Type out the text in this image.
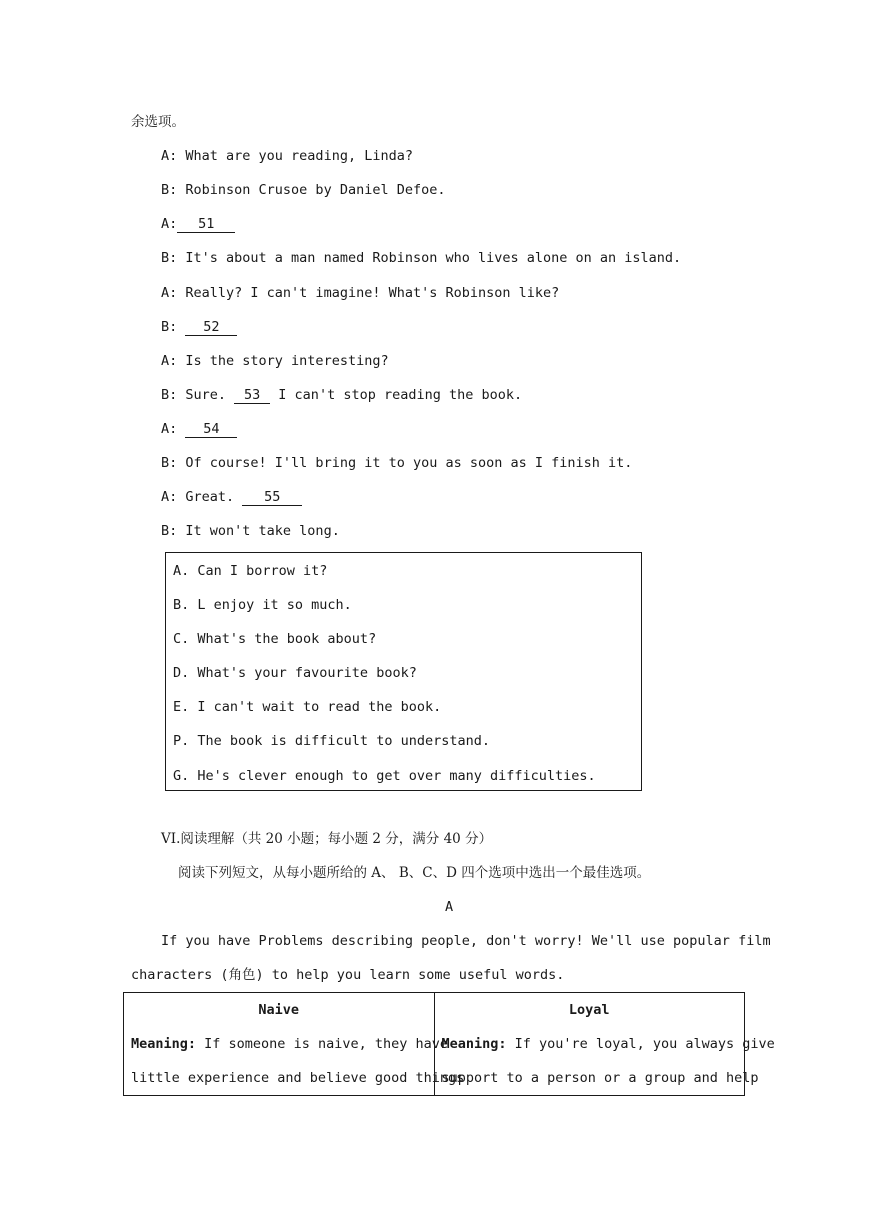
余选项。
A: What are you reading, Linda?
B: Robinson Crusoe by Daniel Defoe.
A: 51
B: It's about a man named Robinson who lives alone on an island.
A: Really? I can't imagine! What's Robinson like?
B: 52
A: Is the story interesting?
B: Sure. 53 I can't stop reading the book.
A: 54
B: Of course! I'll bring it to you as soon as I finish it.
A: Great. 55
B: It won't take long.
A. Can I borrow it?
B. L enjoy it so much.
C. What's the book about?
D. What's your favourite book?
E. I can't wait to read the book.
P. The book is difficult to understand.
G. He's clever enough to get over many difficulties.
VI.阅读理解（共 20 小题；每小题 2 分，满分 40 分）
阅读下列短文，从每小题所给的 A、 B、C、D 四个选项中选出一个最佳选项。
A
If you have Problems describing people, don't worry! We'll use popular film
characters (角色) to help you learn some useful words.
Naive
Meaning: If someone is naive, they have
little experience and believe good things

Loyal
Meaning: If you're loyal, you always give
support to a person or a group and help
